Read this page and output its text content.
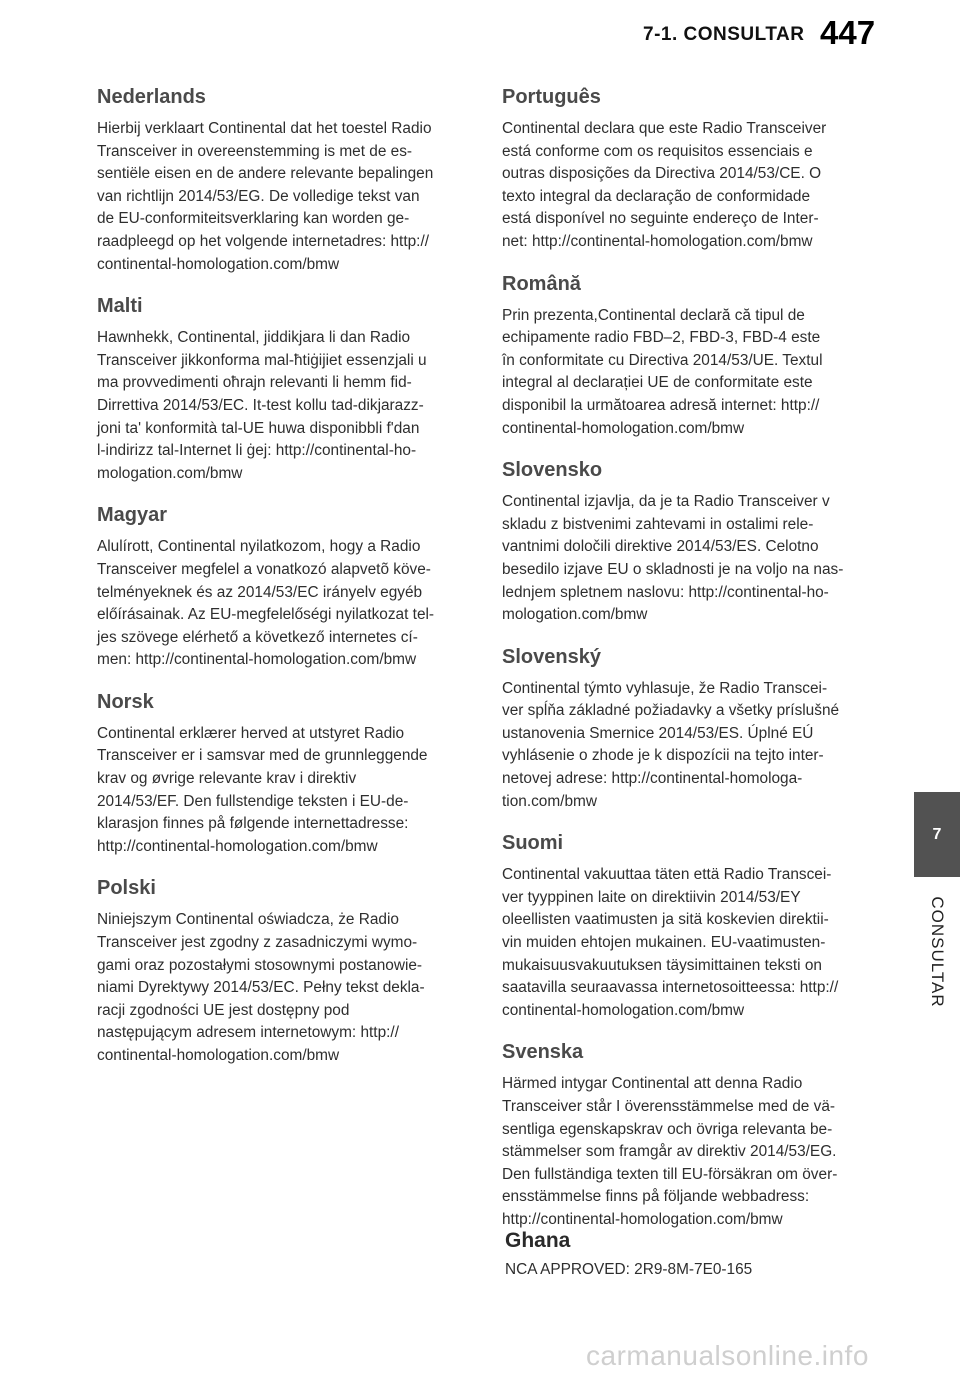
7-1. CONSULTAR 447
Nederlands

Hierbij verklaart Continental dat het toestel Radio
Transceiver in overeenstemming is met de es-
sentiële eisen en de andere relevante bepalingen
van richtlijn 2014/53/EG. De volledige tekst van
de EU-conformiteitsverklaring kan worden ge-
raadpleegd op het volgende internetadres: http://
continental-homologation.com/bmw

Malti

Hawnhekk, Continental, jiddikjara li dan Radio
Transceiver jikkonforma mal-ħtiġijiet essenzjali u
ma provvedimenti oħrajn relevanti li hemm fid-
Dirrettiva 2014/53/EC. It-test kollu tad-dikjarazz-
joni ta' konformità tal-UE huwa disponibbli f'dan
l-indirizz tal-Internet li ġej: http://continental-ho-
mologation.com/bmw

Magyar

Alulírott, Continental nyilatkozom, hogy a Radio
Transceiver megfelel a vonatkozó alapvetõ köve-
telményeknek és az 2014/53/EC irányelv egyéb
előírásainak. Az EU-megfelelőségi nyilatkozat tel-
jes szövege elérhető a következő internetes cí-
men: http://continental-homologation.com/bmw

Norsk

Continental erklærer herved at utstyret Radio
Transceiver er i samsvar med de grunnleggende
krav og øvrige relevante krav i direktiv
2014/53/EF. Den fullstendige teksten i EU-de-
klarasjon finnes på følgende internettadresse:
http://continental-homologation.com/bmw

Polski

Niniejszym Continental oświadcza, że Radio
Transceiver jest zgodny z zasadniczymi wymo-
gami oraz pozostałymi stosownymi postanowie-
niami Dyrektywy 2014/53/EC. Pełny tekst dekla-
racji zgodności UE jest dostępny pod
następującym adresem internetowym: http://
continental-homologation.com/bmw

Português

Continental declara que este Radio Transceiver
está conforme com os requisitos essenciais e
outras disposições da Directiva 2014/53/CE. O
texto integral da declaração de conformidade
está disponível no seguinte endereço de Inter-
net: http://continental-homologation.com/bmw

Română

Prin prezenta,Continental declară că tipul de
echipamente radio FBD–2, FBD-3, FBD-4 este
în conformitate cu Directiva 2014/53/UE. Textul
integral al declarației UE de conformitate este
disponibil la următoarea adresă internet: http://
continental-homologation.com/bmw

Slovensko

Continental izjavlja, da je ta Radio Transceiver v
skladu z bistvenimi zahtevami in ostalimi rele-
vantnimi določili direktive 2014/53/ES. Celotno
besedilo izjave EU o skladnosti je na voljo na nas-
lednjem spletnem naslovu: http://continental-ho-
mologation.com/bmw

Slovenský

Continental týmto vyhlasuje, že Radio Transcei-
ver spĺňa základné požiadavky a všetky príslušné
ustanovenia Smernice 2014/53/ES. Úplné EÚ
vyhlásenie o zhode je k dispozícii na tejto inter-
netovej adrese: http://continental-homologa-
tion.com/bmw

Suomi

Continental vakuuttaa täten että Radio Transcei-
ver tyyppinen laite on direktiivin 2014/53/EY
oleellisten vaatimusten ja sitä koskevien direktii-
vin muiden ehtojen mukainen. EU-vaatimusten-
mukaisuusvakuutuksen täysimittainen teksti on
saatavilla seuraavassa internetosoitteessa: http://
continental-homologation.com/bmw

Svenska

Härmed intygar Continental att denna Radio
Transceiver står I överensstämmelse med de vä-
sentliga egenskapskrav och övriga relevanta be-
stämmelser som framgår av direktiv 2014/53/EG.
Den fullständiga texten till EU-försäkran om över-
ensstämmelse finns på följande webbadress:
http://continental-homologation.com/bmw

Ghana

NCA APPROVED: 2R9-8M-7E0-165

7
CONSULTAR
carmanualsonline.info
